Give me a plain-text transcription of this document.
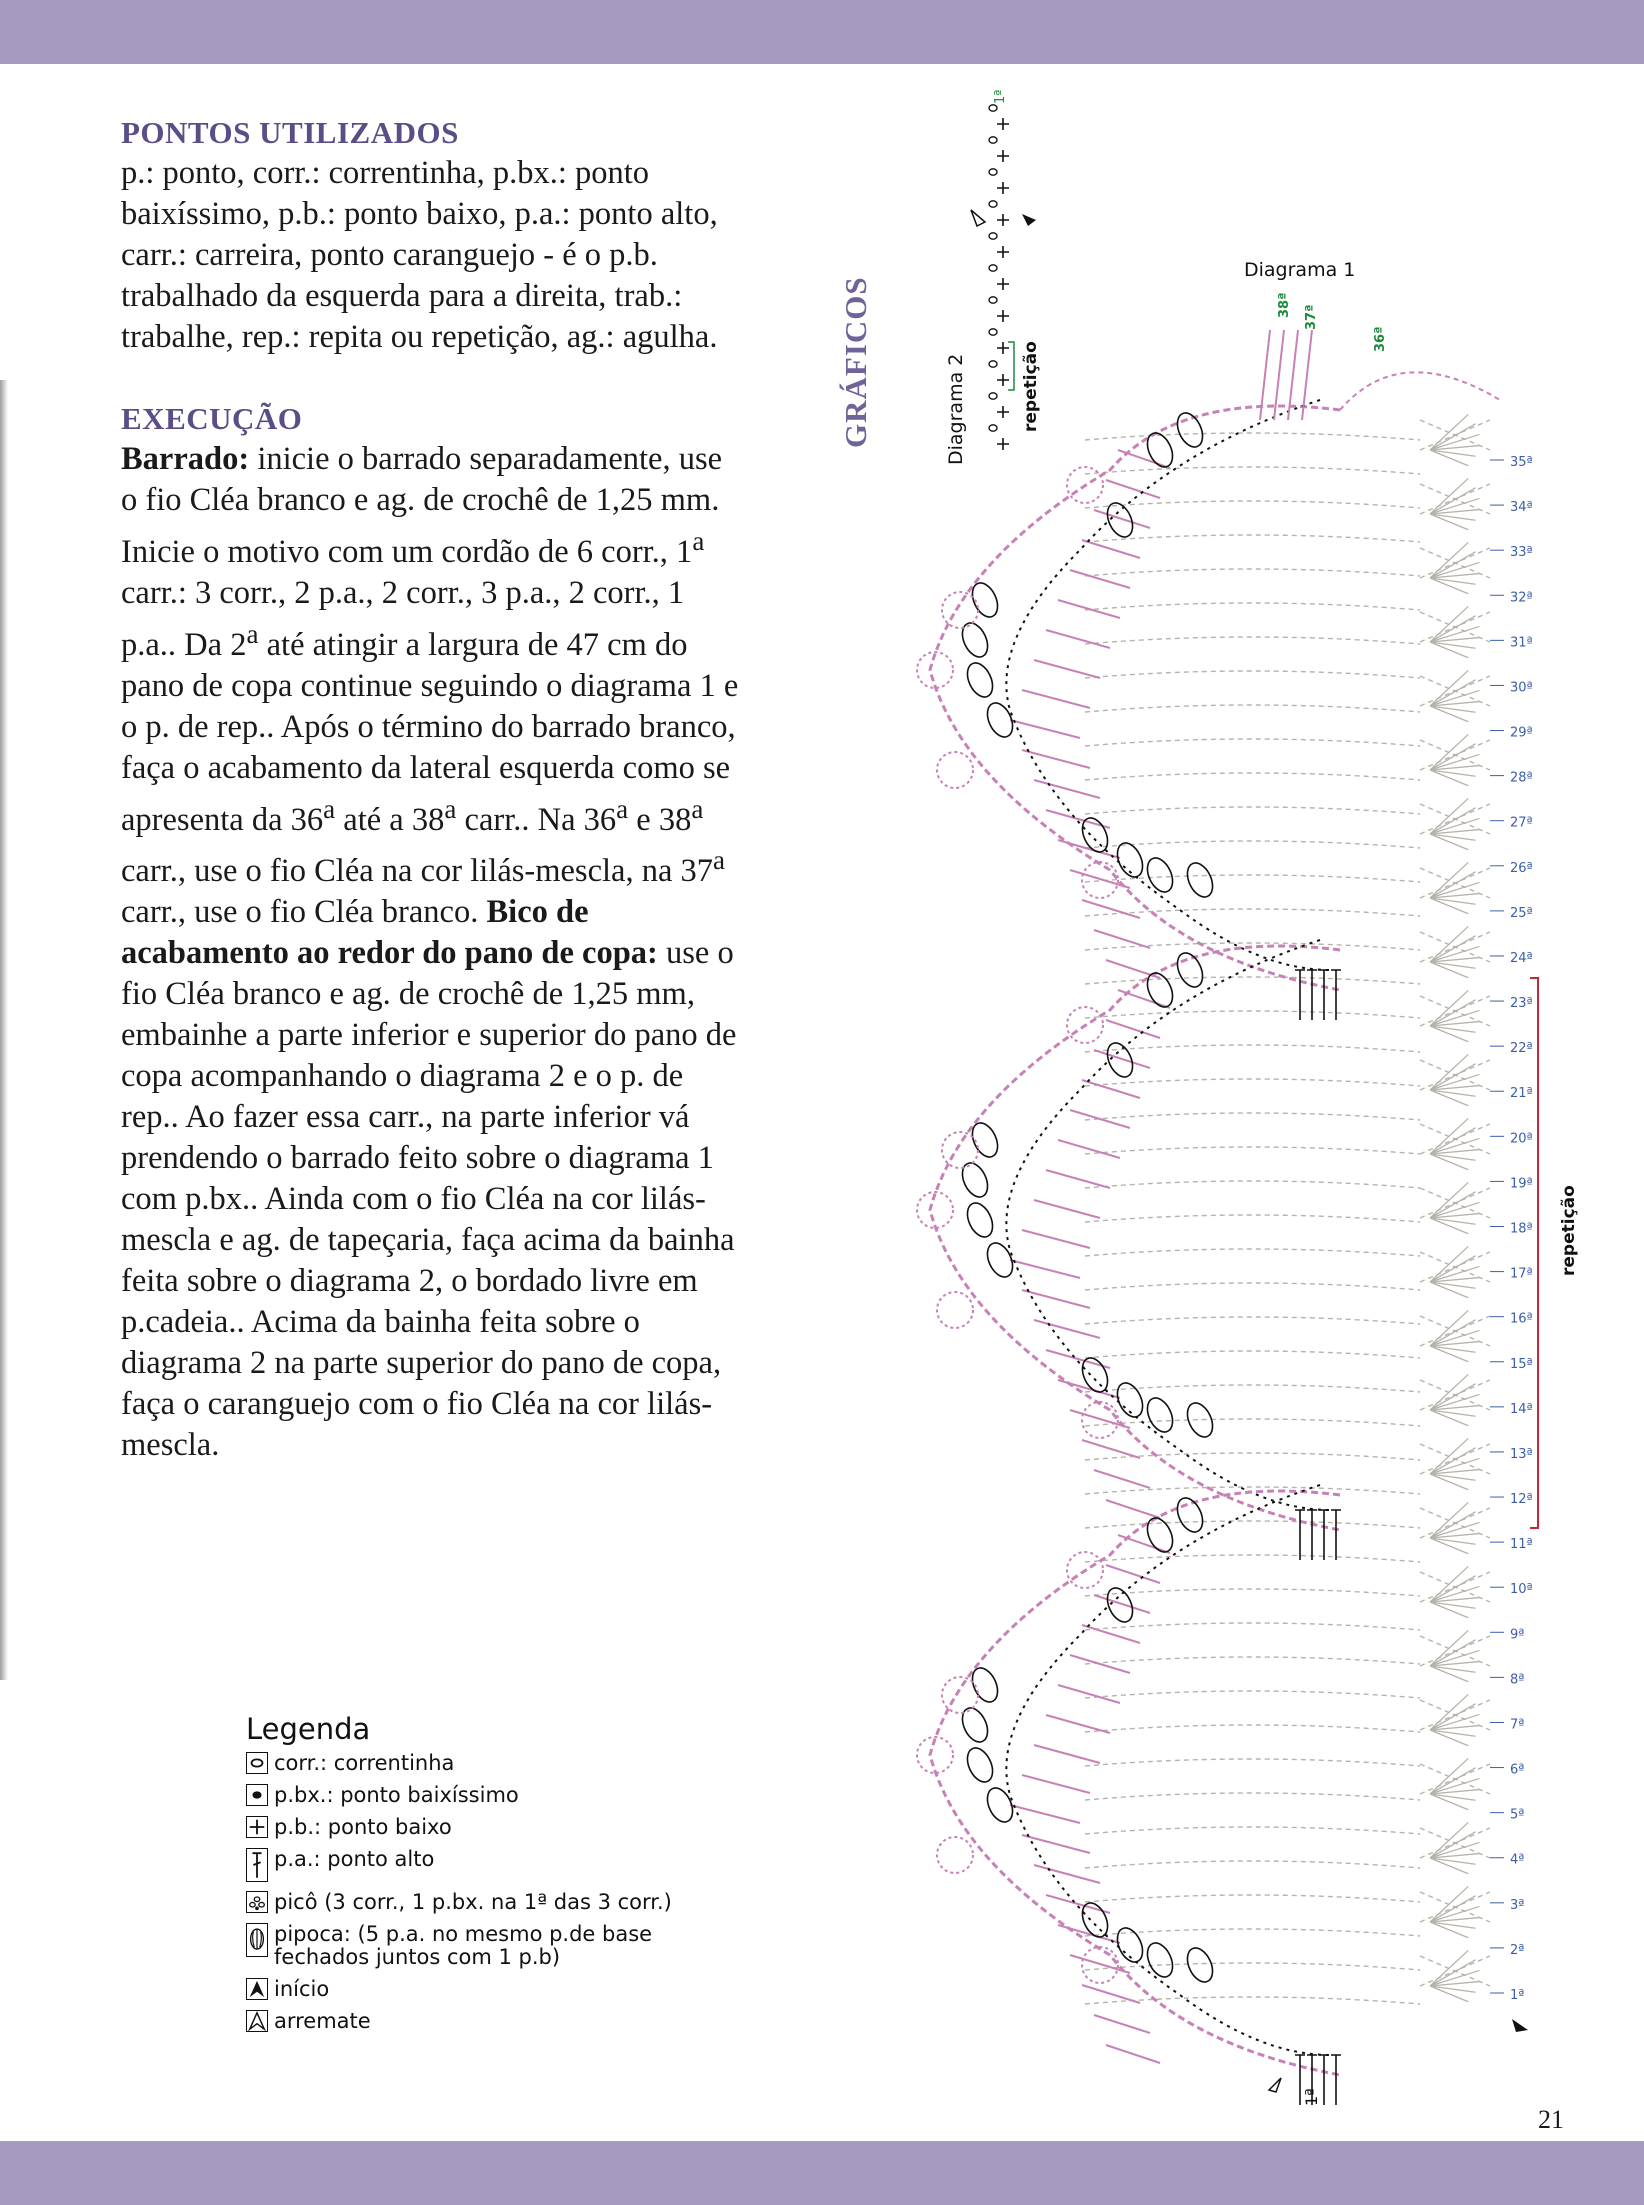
PONTOS UTILIZADOS

p.: ponto, corr.: correntinha, p.bx.: ponto baixíssimo, p.b.: ponto baixo, p.a.: ponto alto, carr.: carreira, ponto caranguejo - é o p.b. trabalhado da esquerda para a direita, trab.: trabalhe, rep.: repita ou repetição, ag.: agulha.

EXECUÇÃO

Barrado: inicie o barrado separadamente, use o fio Cléa branco e ag. de crochê de 1,25 mm. Inicie o motivo com um cordão de 6 corr., 1$^a$ carr.: 3 corr., 2 p.a., 2 corr., 3 p.a., 2 corr., 1 p.a.. Da 2$^a$ até atingir a largura de 47 cm do pano de copa continue seguindo o diagrama 1 e o p. de rep.. Após o término do barrado branco, faça o acabamento da lateral esquerda como se apresenta da 36$^a$ até a 38$^a$ carr.. Na 36$^a$ e 38$^a$ carr., use o fio Cléa na cor lilás-mescla, na 37$^a$ carr., use o fio Cléa branco. Bico de acabamento ao redor do pano de copa: use o fio Cléa branco e ag. de crochê de 1,25 mm, embainhe a parte inferior e superior do pano de copa acompanhando o diagrama 2 e o p. de rep.. Ao fazer essa carr., na parte inferior vá prendendo o barrado feito sobre o diagrama 1 com p.bx.. Ainda com o fio Cléa na cor lilás-mescla e ag. de tapeçaria, faça acima da bainha feita sobre o diagrama 2, o bordado livre em p.cadeia.. Acima da bainha feita sobre o diagrama 2 na parte superior do pano de copa, faça o caranguejo com o fio Cléa na cor lilás-mescla.

GRÁFICOS
Legenda
corr.: correntinha
p.bx.: ponto baixíssimo
p.b.: ponto baixo
p.a.: ponto alto
picô (3 corr., 1 p.bx. na 1ª das 3 corr.)
pipoca: (5 p.a. no mesmo p.de base
fechados juntos com 1 p.b)
início
arremate
Diagrama 1
Diagrama 2	repetição
1ª
1ª
35ª
34ª
33ª
32ª
31ª
30ª
29ª
28ª
27ª
26ª
25ª
24ª
23ª
22ª
21ª
20ª
19ª
18ª
17ª
16ª
15ª
14ª
13ª
12ª
11ª
10ª
9ª
8ª
7ª
6ª
5ª
4ª
3ª
2ª
1ª
38ª 37ª
36ª
repetição
21
